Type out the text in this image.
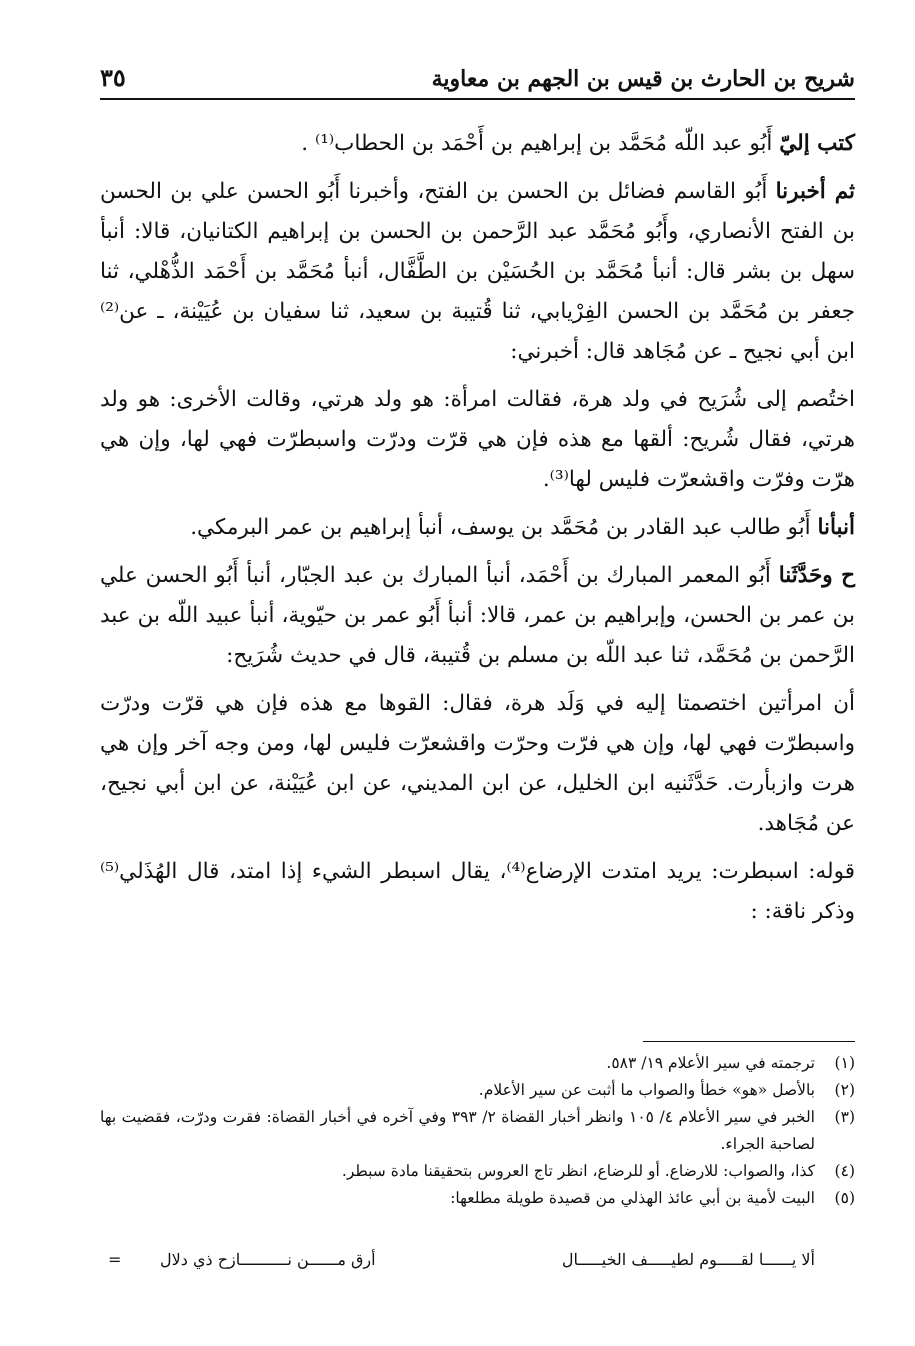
شريح بن الحارث بن قيس بن الجهم بن معاوية
٣٥

كتب إليّ أَبُو عبد اللّه مُحَمَّد بن إبراهيم بن أَحْمَد بن الحطاب⁽¹⁾ .

ثم أخبرنا أَبُو القاسم فضائل بن الحسن بن الفتح، وأخبرنا أَبُو الحسن علي بن الحسن بن الفتح الأنصاري، وأَبُو مُحَمَّد عبد الرَّحمن بن الحسن بن إبراهيم الكتانيان، قالا: أنبأ سهل بن بشر قال: أنبأ مُحَمَّد بن الحُسَيْن بن الطَّفَّال، أنبأ مُحَمَّد بن أَحْمَد الذُّهْلي، ثنا جعفر بن مُحَمَّد بن الحسن الفِرْيابي، ثنا قُتيبة بن سعيد، ثنا سفيان بن عُيَيْنة، ـ عن⁽²⁾ ابن أبي نجيح ـ عن مُجَاهد قال: أخبرني:

اختُصم إلى شُرَيح في ولد هرة، فقالت امرأة: هو ولد هرتي، وقالت الأخرى: هو ولد هرتي، فقال شُريح: ألقها مع هذه فإن هي قرّت ودرّت واسبطرّت فهي لها، وإن هي هرّت وفرّت واقشعرّت فليس لها⁽³⁾.

أنبأنا أَبُو طالب عبد القادر بن مُحَمَّد بن يوسف، أنبأ إبراهيم بن عمر البرمكي.

ح وحَدَّثَنا أَبُو المعمر المبارك بن أَحْمَد، أنبأ المبارك بن عبد الجبّار، أنبأ أَبُو الحسن علي بن عمر بن الحسن، وإبراهيم بن عمر، قالا: أنبأ أَبُو عمر بن حيّوية، أنبأ عبيد اللّه بن عبد الرَّحمن بن مُحَمَّد، ثنا عبد اللّه بن مسلم بن قُتيبة، قال في حديث شُرَيح:

أن امرأتين اختصمتا إليه في وَلَد هرة، فقال: القوها مع هذه فإن هي قرّت ودرّت واسبطرّت فهي لها، وإن هي فرّت وحرّت واقشعرّت فليس لها، ومن وجه آخر وإن هي هرت وازبأرت. حَدَّثَنيه ابن الخليل، عن ابن المديني، عن ابن عُيَيْنة، عن ابن أبي نجيح، عن مُجَاهد.

قوله: اسبطرت: يريد امتدت الإرضاع⁽⁴⁾، يقال اسبطر الشيء إذا امتد، قال الهُذَلي⁽⁵⁾ وذكر ناقة: :

(١)
ترجمته في سير الأعلام ١٩/ ٥٨٣.

(٢)
بالأصل «هو» خطأ والصواب ما أثبت عن سير الأعلام.

(٣)
الخبر في سير الأعلام ٤/ ١٠٥ وانظر أخبار القضاة ٢/ ٣٩٣ وفي آخره في أخبار القضاة: فقرت ودرّت، فقضيت بها لصاحبة الجراء.

(٤)
كذا، والصواب: للارضاع. أو للرضاع، انظر تاج العروس بتحقيقنا مادة سبطر.

(٥)
البيت لأمية بن أبي عائذ الهذلي من قصيدة طويلة مطلعها:

ألا يــــــا لقـــــوم لطيـــــف الخيـــــال
أرق مــــــن نــــــــــازح ذي دلال
=
